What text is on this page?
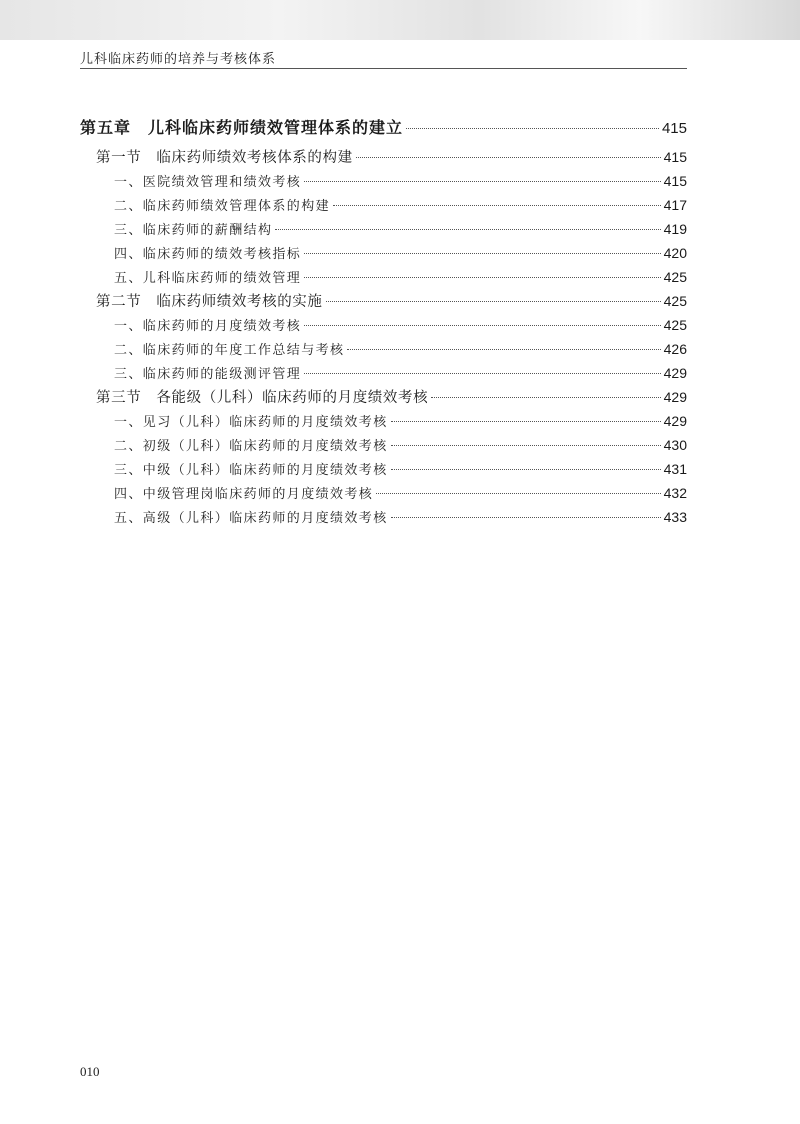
儿科临床药师的培养与考核体系
第五章　儿科临床药师绩效管理体系的建立	415
第一节　临床药师绩效考核体系的构建	415
一、医院绩效管理和绩效考核	415
二、临床药师绩效管理体系的构建	417
三、临床药师的薪酬结构	419
四、临床药师的绩效考核指标	420
五、儿科临床药师的绩效管理	425
第二节　临床药师绩效考核的实施	425
一、临床药师的月度绩效考核	425
二、临床药师的年度工作总结与考核	426
三、临床药师的能级测评管理	429
第三节　各能级（儿科）临床药师的月度绩效考核	429
一、见习（儿科）临床药师的月度绩效考核	429
二、初级（儿科）临床药师的月度绩效考核	430
三、中级（儿科）临床药师的月度绩效考核	431
四、中级管理岗临床药师的月度绩效考核	432
五、高级（儿科）临床药师的月度绩效考核	433
010
